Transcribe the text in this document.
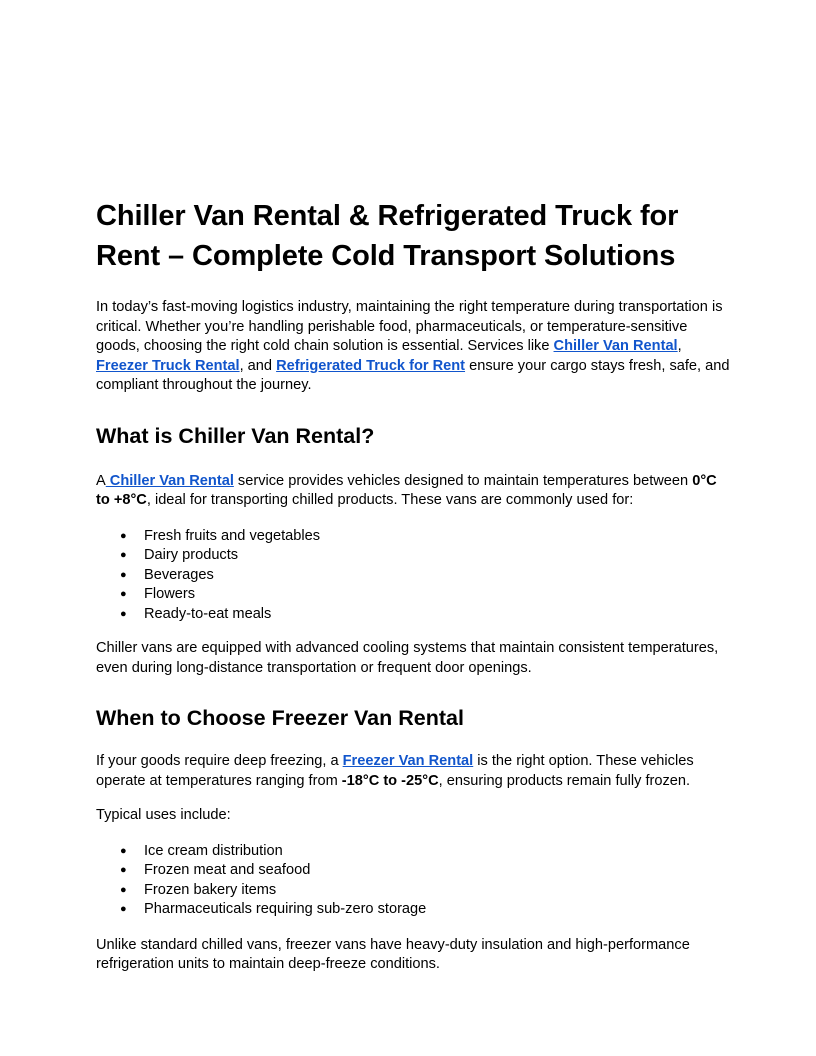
Chiller Van Rental & Refrigerated Truck for Rent – Complete Cold Transport Solutions

In today’s fast-moving logistics industry, maintaining the right temperature during transportation is critical. Whether you’re handling perishable food, pharmaceuticals, or temperature-sensitive goods, choosing the right cold chain solution is essential. Services like Chiller Van Rental, Freezer Truck Rental, and Refrigerated Truck for Rent ensure your cargo stays fresh, safe, and compliant throughout the journey.

What is Chiller Van Rental?

A Chiller Van Rental service provides vehicles designed to maintain temperatures between 0°C to +8°C, ideal for transporting chilled products. These vans are commonly used for:

● Fresh fruits and vegetables
● Dairy products
● Beverages
● Flowers
● Ready-to-eat meals

Chiller vans are equipped with advanced cooling systems that maintain consistent temperatures, even during long-distance transportation or frequent door openings.

When to Choose Freezer Van Rental

If your goods require deep freezing, a Freezer Van Rental is the right option. These vehicles operate at temperatures ranging from -18°C to -25°C, ensuring products remain fully frozen.

Typical uses include:

● Ice cream distribution
● Frozen meat and seafood
● Frozen bakery items
● Pharmaceuticals requiring sub-zero storage

Unlike standard chilled vans, freezer vans have heavy-duty insulation and high-performance refrigeration units to maintain deep-freeze conditions.
